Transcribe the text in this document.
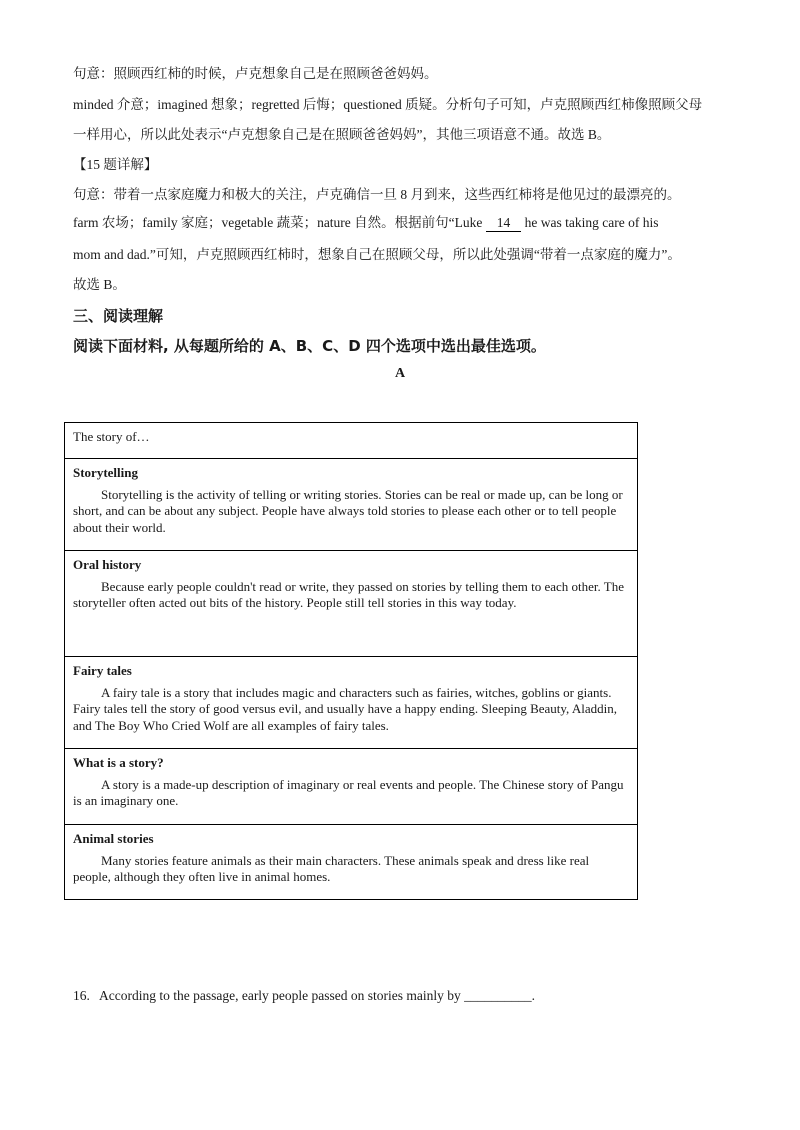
句意：照顾西红柿的时候，卢克想象自己是在照顾爸爸妈妈。
minded 介意；imagined 想象；regretted 后悔；questioned 质疑。分析句子可知，卢克照顾西红柿像照顾父母
一样用心，所以此处表示“卢克想象自己是在照顾爸爸妈妈”，其他三项语意不通。故选 B。
【15 题详解】
句意：带着一点家庭魔力和极大的关注，卢克确信一旦 8 月到来，这些西红柿将是他见过的最漂亮的。
farm 农场；family 家庭；vegetable 蔬菜；nature 自然。根据前句“Luke 14 he was taking care of his
mom and dad.”可知，卢克照顾西红柿时，想象自己在照顾父母，所以此处强调“带着一点家庭的魔力”。
故选 B。
三、阅读理解
阅读下面材料, 从每题所给的 A、B、C、D 四个选项中选出最佳选项。
A
The story of…
Storytelling
Storytelling is the activity of telling or writing stories. Stories can be real or made up, can be long or short, and can be about any subject. People have always told stories to please each other or to tell people about their world.
Oral history
Because early people couldn't read or write, they passed on stories by telling them to each other. The storyteller often acted out bits of the history. People still tell stories in this way today.
Fairy tales
A fairy tale is a story that includes magic and characters such as fairies, witches, goblins or giants. Fairy tales tell the story of good versus evil, and usually have a happy ending. Sleeping Beauty, Aladdin, and The Boy Who Cried Wolf are all examples of fairy tales.
What is a story?
A story is a made-up description of imaginary or real events and people. The Chinese story of Pangu is an imaginary one.
Animal stories
Many stories feature animals as their main characters. These animals speak and dress like real people, although they often live in animal homes.
16. According to the passage, early people passed on stories mainly by __________.
